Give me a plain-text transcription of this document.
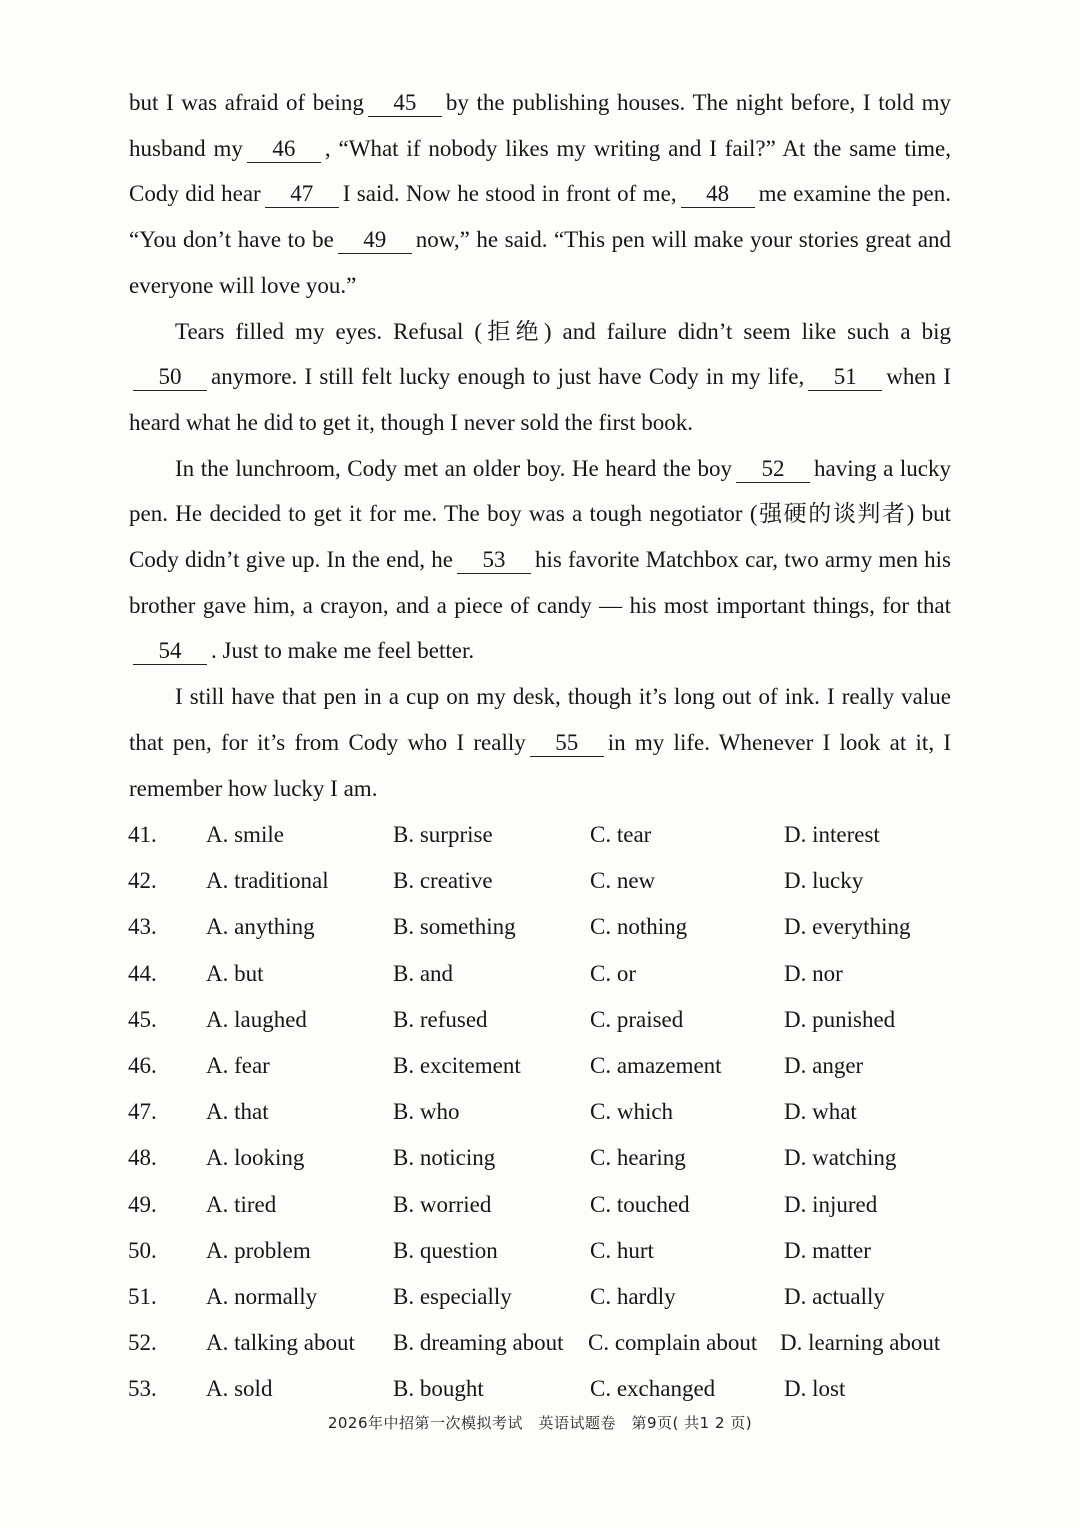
but I was afraid of being 45 by the publishing houses. The night before, I told my husband my 46 , “What if nobody likes my writing and I fail?” At the same time, Cody did hear 47 I said. Now he stood in front of me, 48 me examine the pen. “You don’t have to be 49 now,” he said. “This pen will make your stories great and everyone will love you.”

Tears filled my eyes. Refusal (拒绝) and failure didn’t seem like such a big 50 anymore. I still felt lucky enough to just have Cody in my life, 51 when I heard what he did to get it, though I never sold the first book.

In the lunchroom, Cody met an older boy. He heard the boy 52 having a lucky pen. He decided to get it for me. The boy was a tough negotiator (强硬的谈判者) but Cody didn’t give up. In the end, he 53 his favorite Matchbox car, two army men his brother gave him, a crayon, and a piece of candy — his most important things, for that54 . Just to make me feel better.

I still have that pen in a cup on my desk, though it’s long out of ink. I really value that pen, for it’s from Cody who I really 55 in my life. Whenever I look at it, I remember how lucky I am.

41. A. smile	B. surprise	C. tear	D. interest
42. A. traditional	B. creative	C. new	D. lucky
43. A. anything	B. something	C. nothing	D. everything
44. A. but	B. and	C. or	D. nor
45. A. laughed	B. refused	C. praised	D. punished
46. A. fear	B. excitement	C. amazement	D. anger
47. A. that	B. who	C. which	D. what
48. A. looking	B. noticing	C. hearing	D. watching
49. A. tired	B. worried	C. touched	D. injured
50. A. problem	B. question	C. hurt	D. matter
51. A. normally	B. especially	C. hardly	D. actually
52. A. talking about B. dreaming about C. complain about D. learning about
53. A. sold	B. bought	C. exchanged	D. lost
2026年中招第一次模拟考试　英语试题卷　第9页( 共1 2 页)
